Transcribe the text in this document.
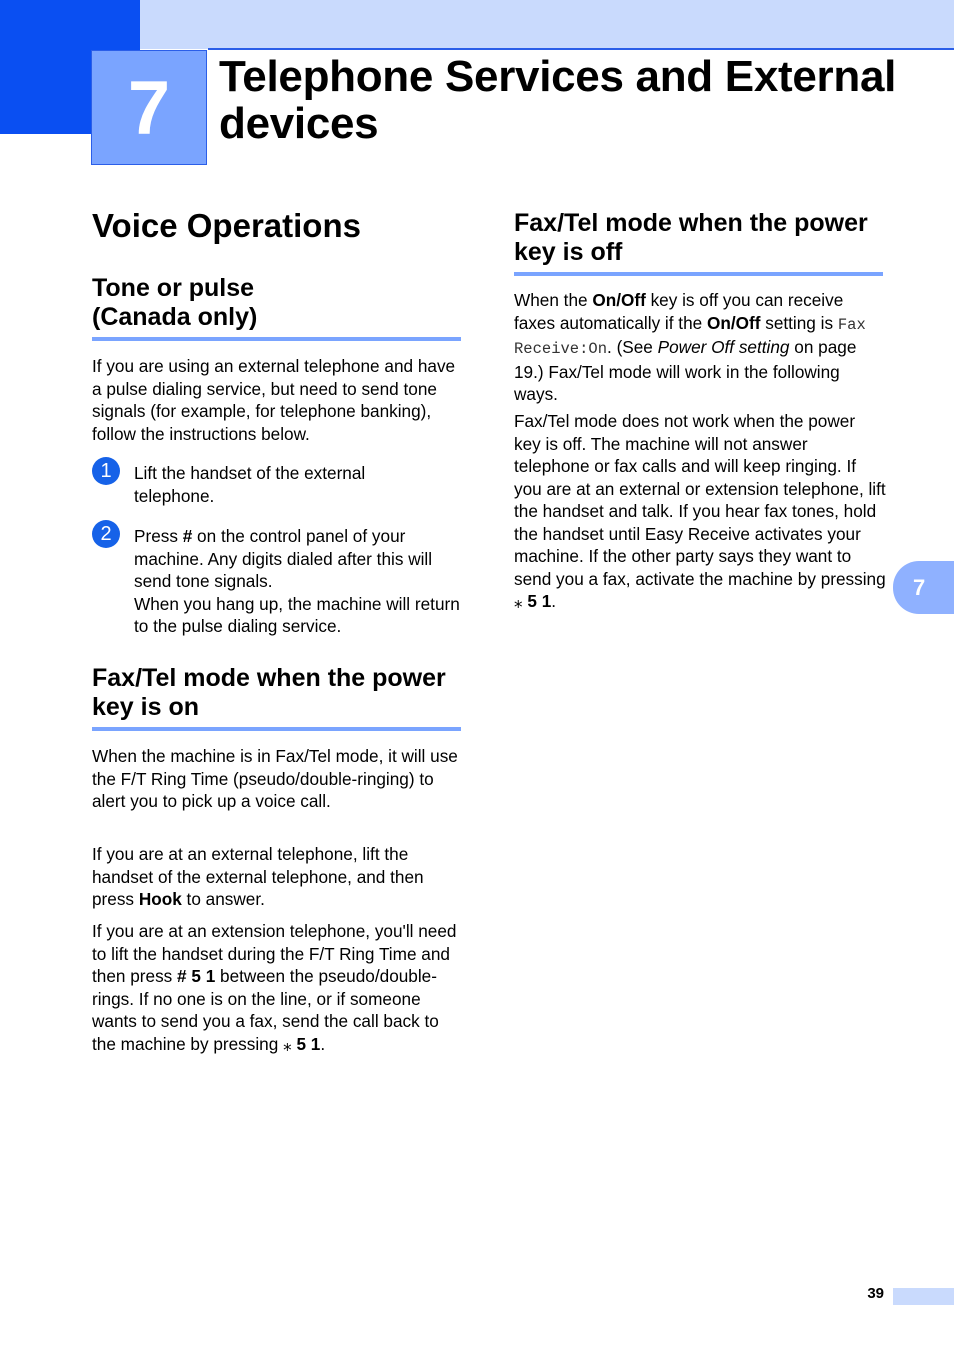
7	Telephone Services and External devices
Voice Operations
Tone or pulse
(Canada only)

If you are using an external telephone and have a pulse dialing service, but need to send tone signals (for example, for telephone banking), follow the instructions below.

1	Lift the handset of the external telephone.

2	Press # on the control panel of your machine. Any digits dialed after this will send tone signals.
When you hang up, the machine will return to the pulse dialing service.

Fax/Tel mode when the power
key is on

When the machine is in Fax/Tel mode, it will use the F/T Ring Time (pseudo/double-ringing) to alert you to pick up a voice call.

If you are at an external telephone, lift the handset of the external telephone, and then press Hook to answer.

If you are at an extension telephone, you'll need to lift the handset during the F/T Ring Time and then press # 5 1 between the pseudo/double-rings. If no one is on the line, or if someone wants to send you a fax, send the call back to the machine by pressing ⁎ 5 1.

Fax/Tel mode when the power
key is off

When the On/Off key is off you can receive faxes automatically if the On/Off setting is Fax Receive:On. (See Power Off setting on page 19.) Fax/Tel mode will work in the following ways.

Fax/Tel mode does not work when the power key is off. The machine will not answer telephone or fax calls and will keep ringing. If you are at an external or extension telephone, lift the handset and talk. If you hear fax tones, hold the handset until Easy Receive activates your machine. If the other party says they want to send you a fax, activate the machine by pressing ⁎ 5 1.

7
39
